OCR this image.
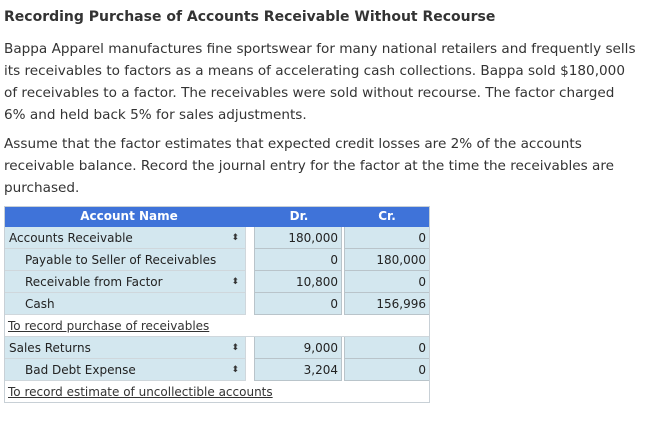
Recording Purchase of Accounts Receivable Without Recourse
Bappa Apparel manufactures fine sportswear for many national retailers and frequently sells its receivables to factors as a means of accelerating cash collections. Bappa sold $180,000 of receivables to a factor. The receivables were sold without recourse. The factor charged 6% and held back 5% for sales adjustments.
Assume that the factor estimates that expected credit losses are 2% of the accounts receivable balance. Record the journal entry for the factor at the time the receivables are purchased.
Account Name	Dr.	Cr.
Accounts Receivable	⬍	180,000	0
Payable to Seller of Receivables	0	180,000
Receivable from Factor	⬍	10,800	0
Cash	0	156,996
To record purchase of receivables
Sales Returns	⬍	9,000	0
Bad Debt Expense	⬍	3,204	0
To record estimate of uncollectible accounts
